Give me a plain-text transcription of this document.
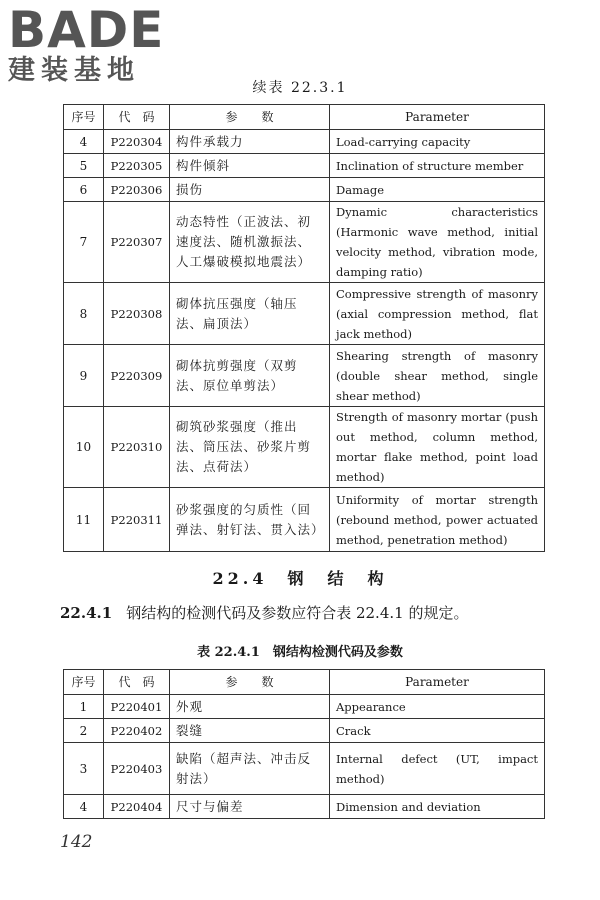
BADE
建装基地
续表 22.3.1
序号	代　码	参　　数	Parameter
4	P220304	构件承载力	Load-carrying capacity
5	P220305	构件倾斜	Inclination of structure member
6	P220306	损伤	Damage
7	P220307	动态特性（正波法、初速度法、随机激振法、人工爆破模拟地震法）	Dynamic characteristics (Harmonic wave method, initial velocity method, vibration mode, damping ratio)
8	P220308	砌体抗压强度（轴压法、扁顶法）	Compressive strength of masonry (axial compression method, flat jack method)
9	P220309	砌体抗剪强度（双剪法、原位单剪法）	Shearing strength of masonry (double shear method, single shear method)
10	P220310	砌筑砂浆强度（推出法、筒压法、砂浆片剪法、点荷法）	Strength of masonry mortar (push out method, column method, mortar flake method, point load method)
11	P220311	砂浆强度的匀质性（回弹法、射钉法、贯入法）	Uniformity of mortar strength (rebound method, power actuated method, penetration method)
22.4　钢　结　构
22.4.1 钢结构的检测代码及参数应符合表 22.4.1 的规定。
表 22.4.1　钢结构检测代码及参数
序号	代　码	参　　数	Parameter
1	P220401	外观	Appearance
2	P220402	裂缝	Crack
3	P220403	缺陷（超声法、冲击反射法）	Internal defect (UT, impact method)
4	P220404	尺寸与偏差	Dimension and deviation
142
